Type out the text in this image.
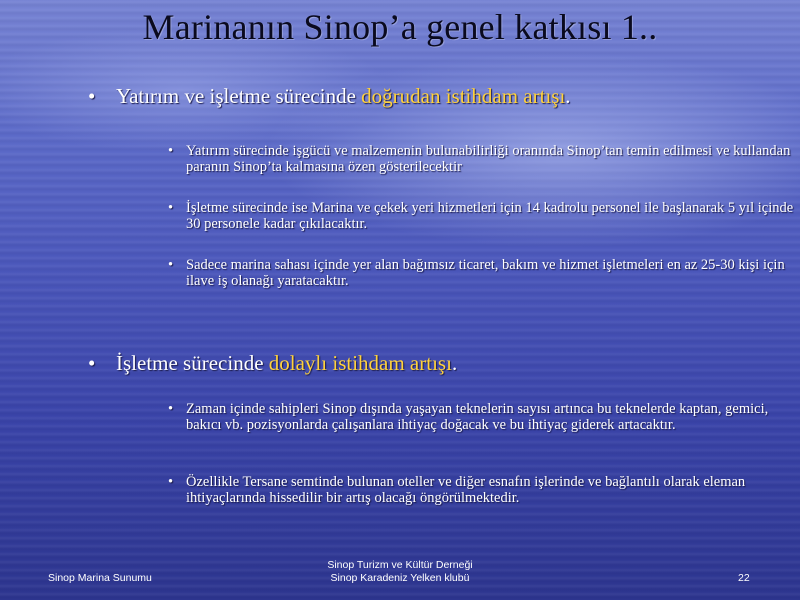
Marinanın Sinop’a genel katkısı 1..
• Yatırım ve işletme sürecinde doğrudan istihdam artışı.
• Yatırım sürecinde işgücü ve malzemenin bulunabilirliği oranında Sinop’tan temin edilmesi ve kullandan paranın Sinop’ta kalmasına özen gösterilecektir
• İşletme sürecinde ise Marina ve çekek yeri hizmetleri için 14 kadrolu personel ile başlanarak 5 yıl içinde 30 personele kadar çıkılacaktır.
• Sadece marina sahası içinde yer alan bağımsız ticaret, bakım ve hizmet işletmeleri en az 25-30 kişi için ilave iş olanağı yaratacaktır.
• İşletme sürecinde dolaylı istihdam artışı.
• Zaman içinde sahipleri Sinop dışında yaşayan teknelerin sayısı artınca bu teknelerde kaptan, gemici, bakıcı vb. pozisyonlarda çalışanlara ihtiyaç doğacak ve bu ihtiyaç giderek artacaktır.
• Özellikle Tersane semtinde bulunan oteller ve diğer esnafın işlerinde ve bağlantılı olarak eleman ihtiyaçlarında hissedilir bir artış olacağı öngörülmektedir.
Sinop Marina Sunumu
Sinop Turizm ve Kültür Derneği
Sinop Karadeniz Yelken klubü	22
